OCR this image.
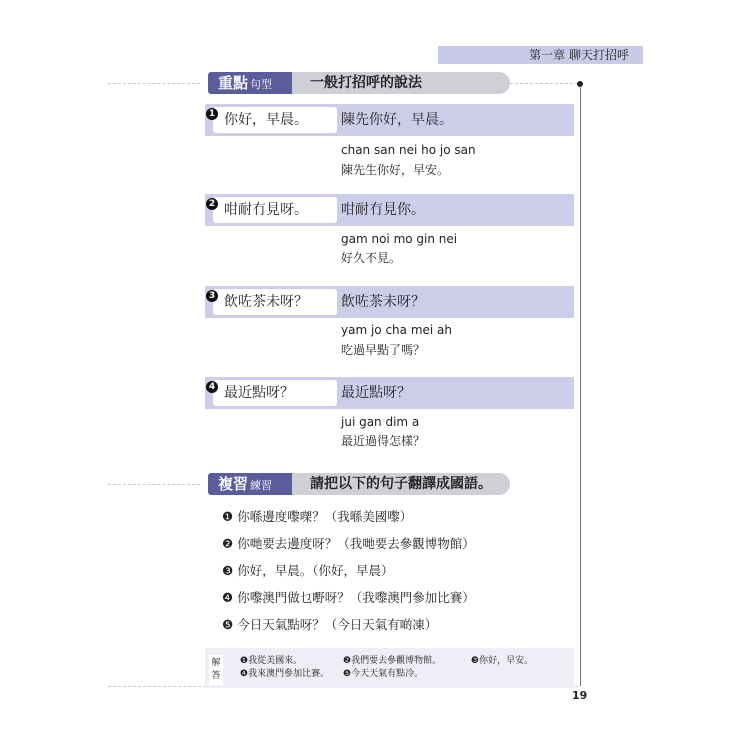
第一章 聊天打招呼
重點 句型	一般打招呼的說法
你好，早晨。	陳先你好，早晨。
1
chan san nei ho jo san
陳先生你好，早安。
咁耐冇見呀。	咁耐冇見你。
2
gam noi mo gin nei
好久不見。
飲咗茶未呀？	飲咗茶未呀？
3
yam jo cha mei ah
吃過早點了嗎？
最近點呀？	最近點呀？
4
jui gan dim a
最近過得怎樣？
複習 練習	請把以下的句子翻譯成國語。
❶ 你喺邊度嚟㗎？（我喺美國嚟）
❷ 你哋要去邊度呀？（我哋要去參觀博物館）
❸ 你好，早晨。（你好，早晨）
❹ 你嚟澳門做乜嘢呀？（我嚟澳門參加比賽）
❺ 今日天氣點呀？（今日天氣有啲凍）
解
答
❶我從美國來。	❷我們要去參觀博物館。	❸你好，早安。
❹我來澳門參加比賽。 ❺今天天氣有點冷。
19
